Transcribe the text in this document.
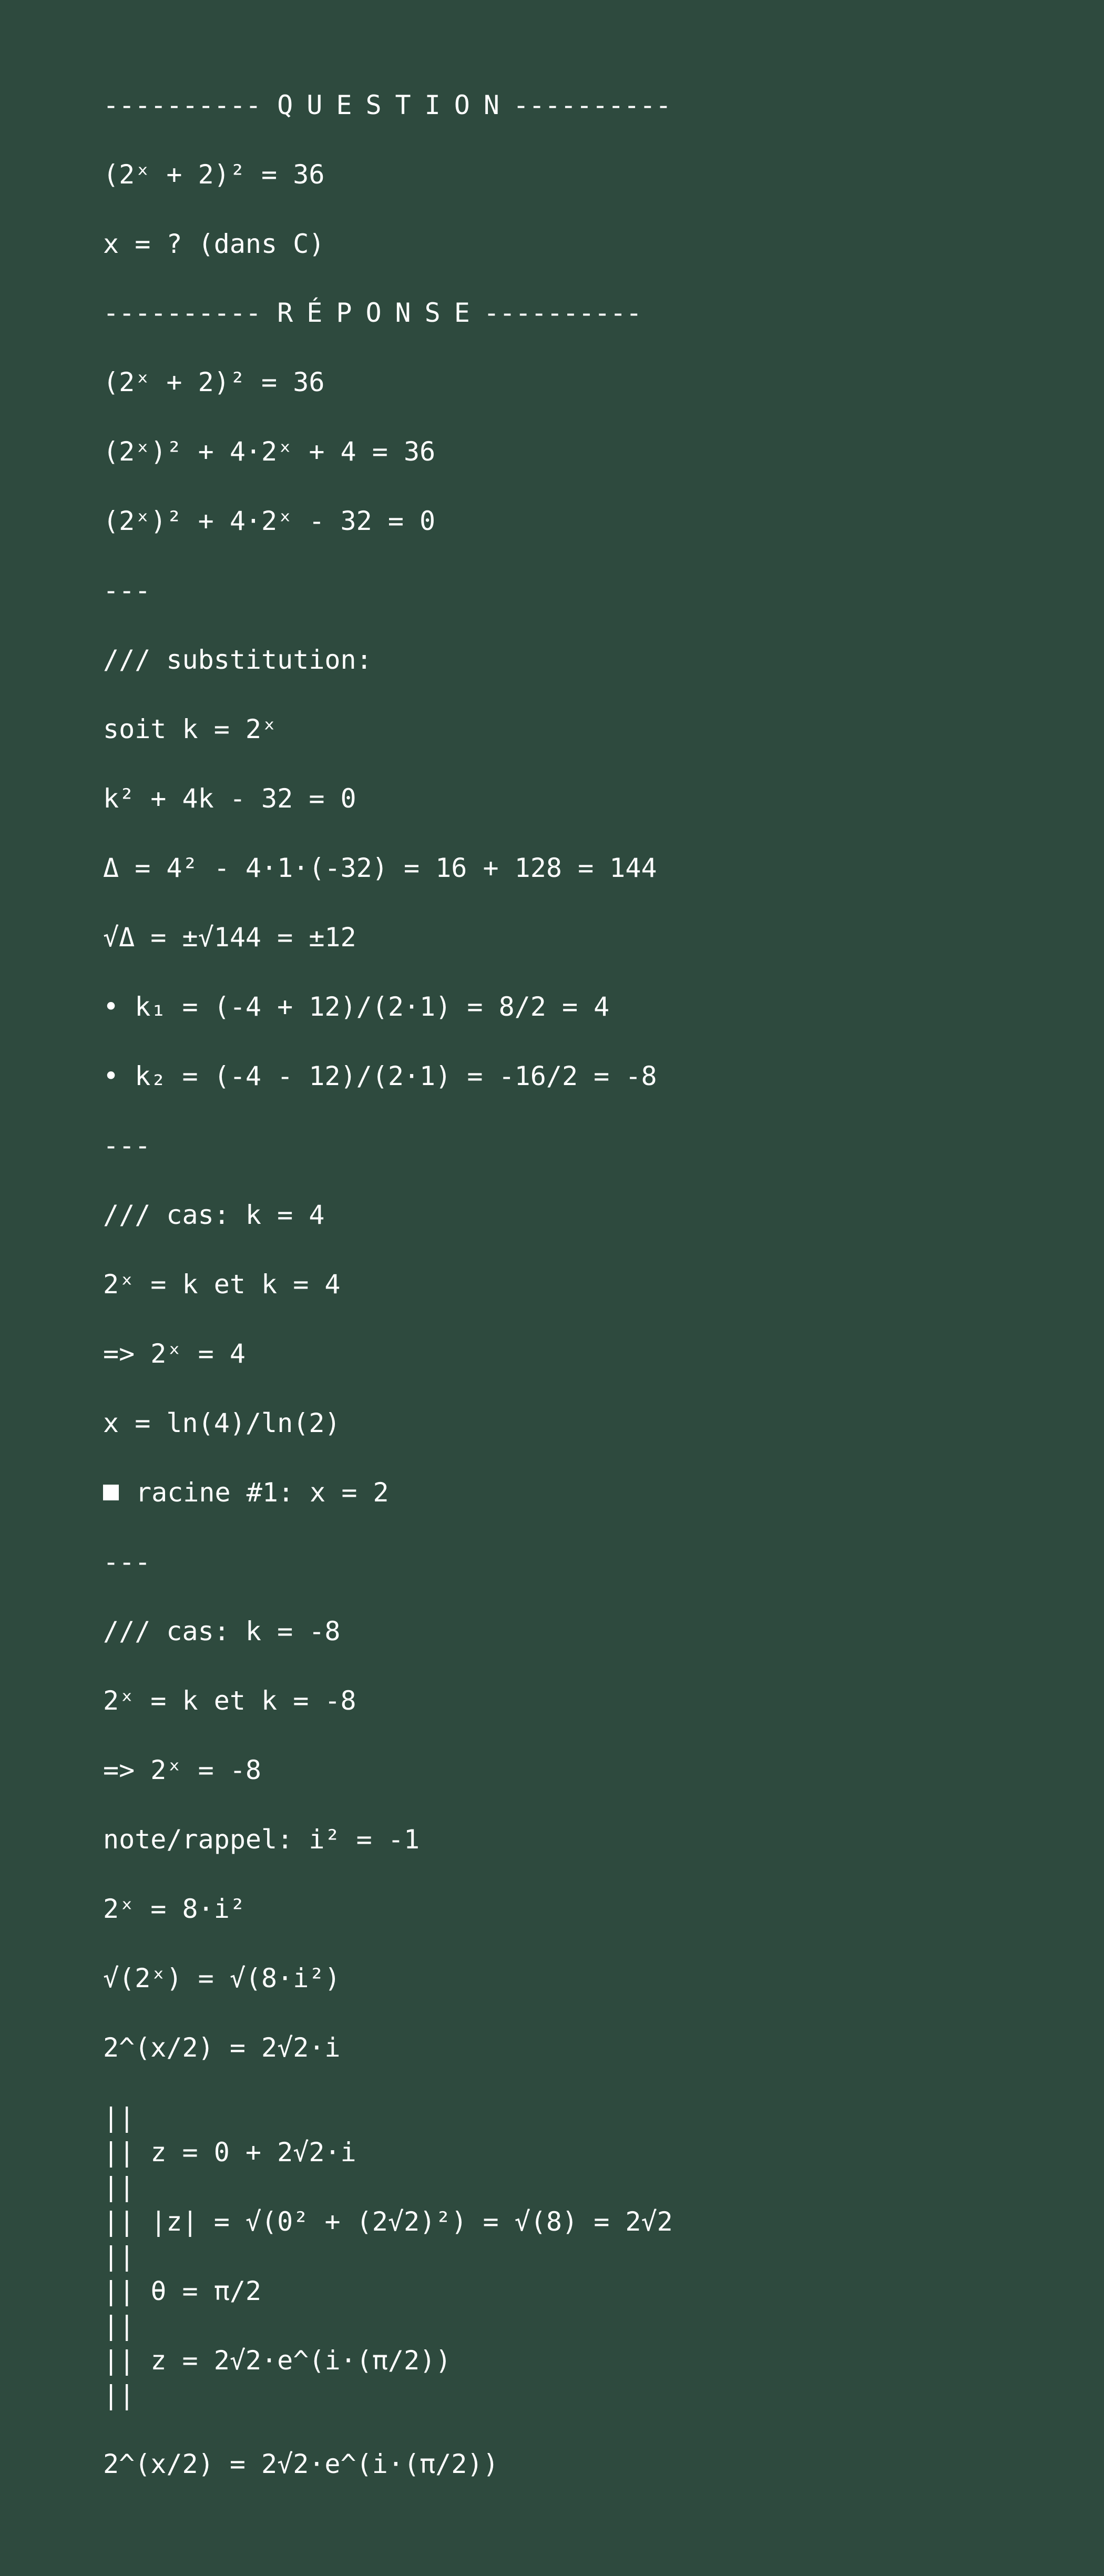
---------- QUESTION----------
(2ˣ + 2)² = 36
x = ? (dans C)
---------- RÉPONSE----------
(2ˣ + 2)² = 36
(2ˣ)² + 4·2ˣ + 4 = 36
(2ˣ)² + 4·2ˣ - 32 = 0
---
/// substitution:
soit k = 2ˣ
k² + 4k - 32 = 0
Δ = 4² - 4·1·(-32) = 16 + 128 = 144
√Δ = ±√144 = ±12
• k₁ = (-4 + 12)/(2·1) = 8/2 = 4
• k₂ = (-4 - 12)/(2·1) = -16/2 = -8
---
/// cas: k = 4
2ˣ = k et k = 4
=> 2ˣ = 4
x = ln(4)/ln(2)
racine #1: x = 2
---
/// cas: k = -8
2ˣ = k et k = -8
=> 2ˣ = -8
note/rappel: i² = -1
2ˣ = 8·i²
√(2ˣ) = √(8·i²)
2^(x/2) = 2√2·i
||
|| z = 0 + 2√2·i
||
|| |z| = √(0² + (2√2)²) = √(8) = 2√2
||
|| θ = π/2
||
|| z = 2√2·e^(i·(π/2))
||
2^(x/2) = 2√2·e^(i·(π/2))
